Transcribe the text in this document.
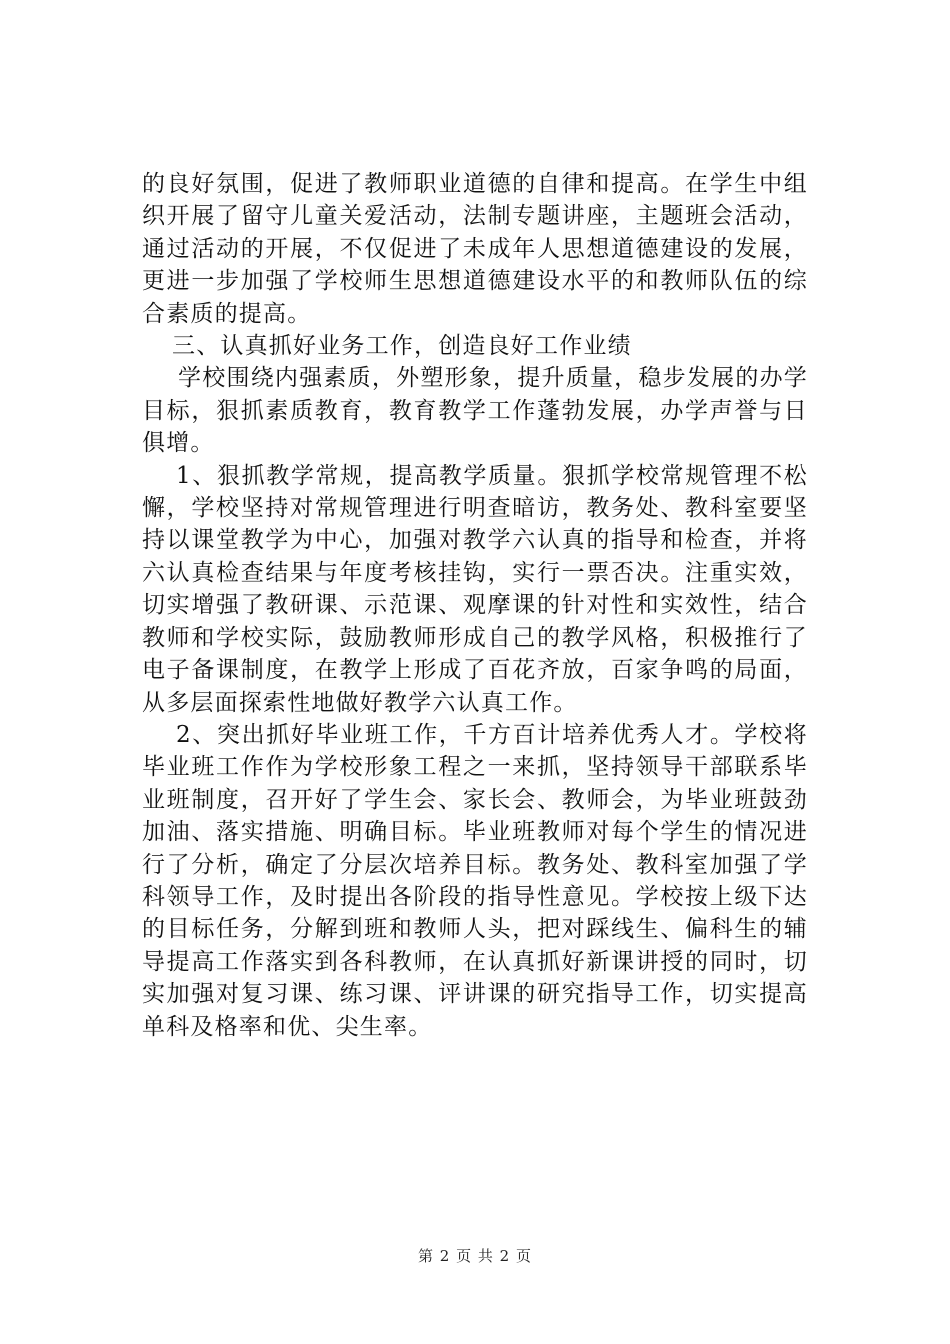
的良好氛围，促进了教师职业道德的自律和提高。在学生中组织开展了留守儿童关爱活动，法制专题讲座，主题班会活动，通过活动的开展，不仅促进了未成年人思想道德建设的发展，更进一步加强了学校师生思想道德建设水平的和教师队伍的综合素质的提高。

三、认真抓好业务工作，创造良好工作业绩

学校围绕内强素质，外塑形象，提升质量，稳步发展的办学目标，狠抓素质教育，教育教学工作蓬勃发展，办学声誉与日俱增。

1、狠抓教学常规，提高教学质量。狠抓学校常规管理不松懈，学校坚持对常规管理进行明查暗访，教务处、教科室要坚持以课堂教学为中心，加强对教学六认真的指导和检查，并将六认真检查结果与年度考核挂钩，实行一票否决。注重实效，切实增强了教研课、示范课、观摩课的针对性和实效性，结合教师和学校实际，鼓励教师形成自己的教学风格，积极推行了电子备课制度，在教学上形成了百花齐放，百家争鸣的局面，从多层面探索性地做好教学六认真工作。

2、突出抓好毕业班工作，千方百计培养优秀人才。学校将毕业班工作作为学校形象工程之一来抓，坚持领导干部联系毕业班制度，召开好了学生会、家长会、教师会，为毕业班鼓劲加油、落实措施、明确目标。毕业班教师对每个学生的情况进行了分析，确定了分层次培养目标。教务处、教科室加强了学科领导工作，及时提出各阶段的指导性意见。学校按上级下达的目标任务，分解到班和教师人头，把对踩线生、偏科生的辅导提高工作落实到各科教师，在认真抓好新课讲授的同时，切实加强对复习课、练习课、评讲课的研究指导工作，切实提高单科及格率和优、尖生率。

第 2 页 共 2 页
